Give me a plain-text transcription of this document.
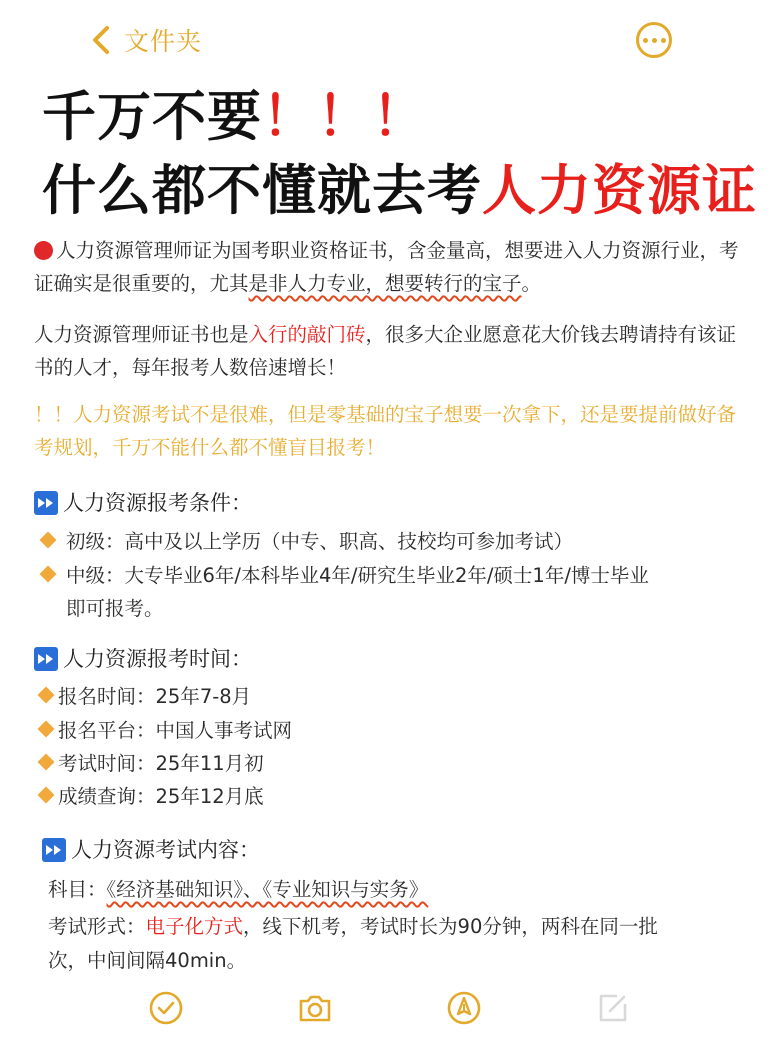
文件夹
千万不要！！！
什么都不懂就去考人力资源证
人力资源管理师证为国考职业资格证书，含金量高，想要进入人力资源行业，考证确实是很重要的，尤其是非人力专业，想要转行的宝子。
人力资源管理师证书也是入行的敲门砖，很多大企业愿意花大价钱去聘请持有该证书的人才，每年报考人数倍速增长！
！！人力资源考试不是很难，但是零基础的宝子想要一次拿下，还是要提前做好备考规划，千万不能什么都不懂盲目报考！
人力资源报考条件：
初级：高中及以上学历（中专、职高、技校均可参加考试）
中级：大专毕业6年/本科毕业4年/研究生毕业2年/硕士1年/博士毕业
即可报考。
人力资源报考时间：
报名时间：25年7-8月
报名平台：中国人事考试网
考试时间：25年11月初
成绩查询：25年12月底
人力资源考试内容：
科目：《经济基础知识》、《专业知识与实务》
考试形式：电子化方式，线下机考，考试时长为90分钟，两科在同一批
次，中间间隔40min。
